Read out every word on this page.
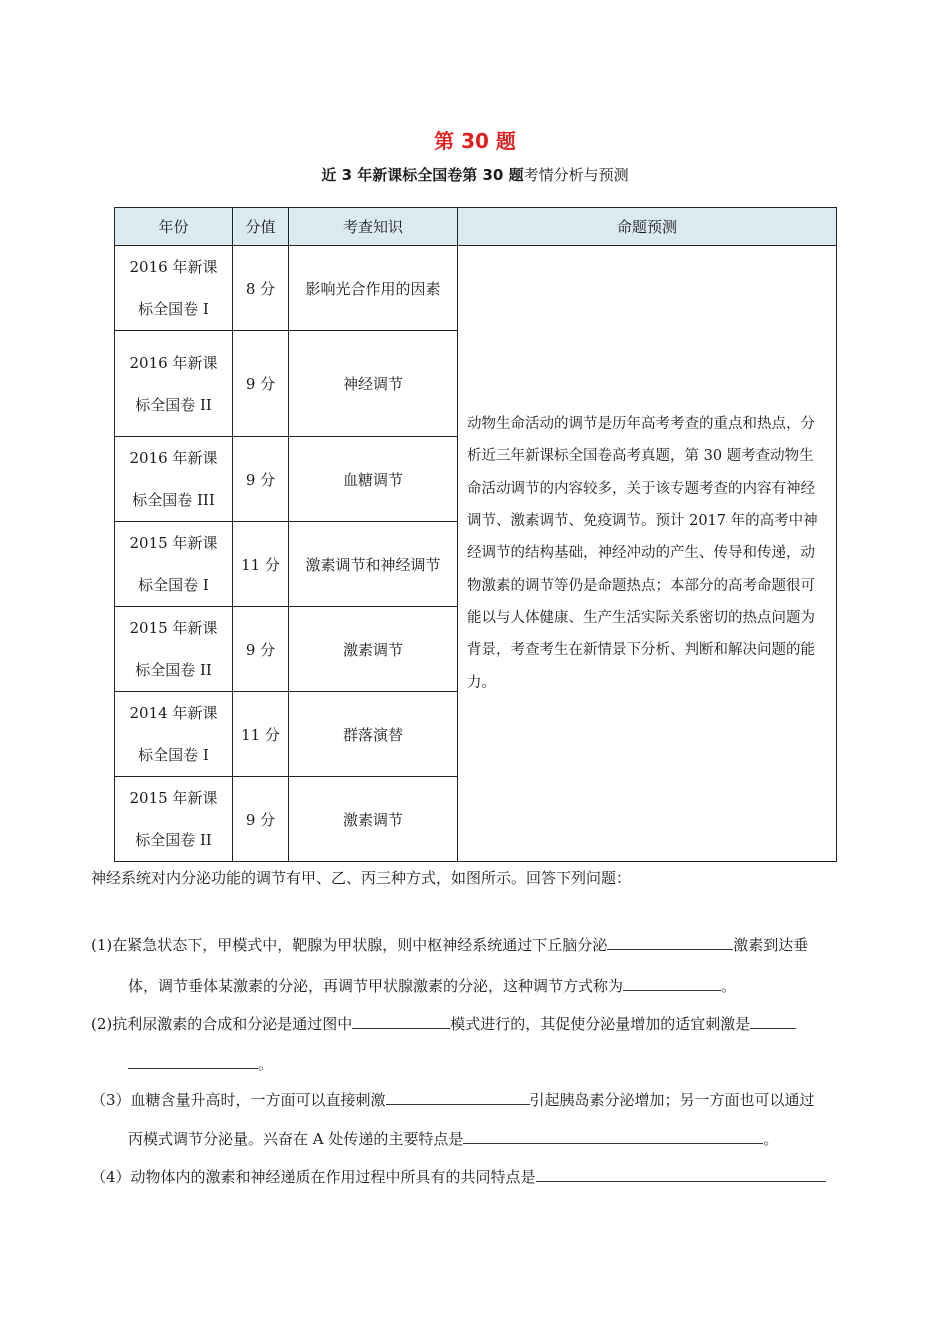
第 30 题
近 3 年新课标全国卷第 30 题考情分析与预测
年份	分值	考查知识	命题预测
2016 年新课
标全国卷 I	8 分	影响光合作用的因素	动物生命活动的调节是历年高考考查的重点和热点，分析近三年新课标全国卷高考真题，第 30 题考查动物生命活动调节的内容较多，关于该专题考查的内容有神经调节、激素调节、免疫调节。预计 2017 年的高考中神经调节的结构基础，神经冲动的产生、传导和传递，动物激素的调节等仍是命题热点；本部分的高考命题很可能以与人体健康、生产生活实际关系密切的热点问题为背景，考查考生在新情景下分析、判断和解决问题的能力。
2016 年新课
标全国卷 II	9 分	神经调节	
2016 年新课
标全国卷 III	9 分	血糖调节	
2015 年新课
标全国卷 I	11 分	激素调节和神经调节	
2015 年新课
标全国卷 II	9 分	激素调节	
2014 年新课
标全国卷 I	11 分	群落演替	
2015 年新课
标全国卷 II	9 分	激素调节	
神经系统对内分泌功能的调节有甲、乙、丙三种方式，如图所示。回答下列问题：
(1)在紧急状态下，甲模式中，靶腺为甲状腺，则中枢神经系统通过下丘脑分泌	激素到达垂
体，调节垂体某激素的分泌，再调节甲状腺激素的分泌，这种调节方式称为	。
(2)抗利尿激素的合成和分泌是通过图中	模式进行的，其促使分泌量增加的适宜刺激是
。
（3）血糖含量升高时，一方面可以直接刺激	引起胰岛素分泌增加；另一方面也可以通过
丙模式调节分泌量。兴奋在 A 处传递的主要特点是	。
（4）动物体内的激素和神经递质在作用过程中所具有的共同特点是
